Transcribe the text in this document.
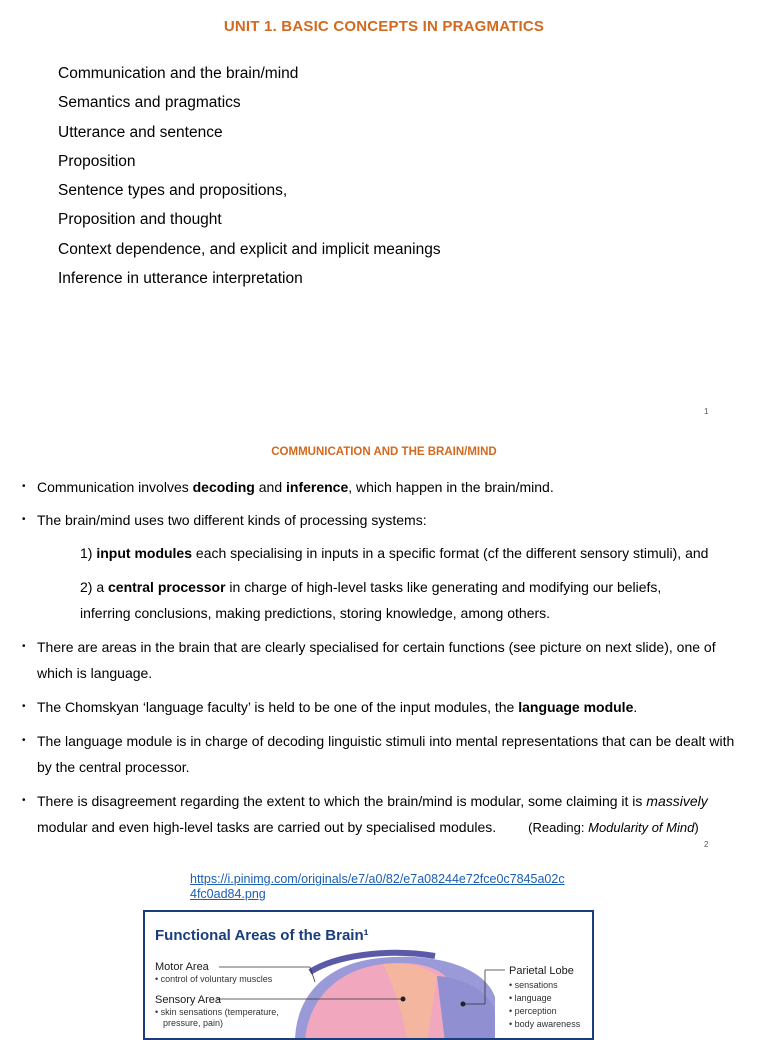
UNIT 1. BASIC CONCEPTS IN PRAGMATICS
Communication and the brain/mind
Semantics and pragmatics
Utterance and sentence
Proposition
Sentence types and propositions,
Proposition and thought
Context dependence, and explicit and implicit meanings
Inference in utterance interpretation
1
COMMUNICATION AND THE BRAIN/MIND
• Communication involves decoding and inference, which happen in the brain/mind.
• The brain/mind uses two different kinds of processing systems:
1) input modules each specialising in inputs in a specific format (cf the different sensory stimuli), and
2) a central processor in charge of high-level tasks like generating and modifying our beliefs,
inferring conclusions, making predictions, storing knowledge, among others.
• There are areas in the brain that are clearly specialised for certain functions (see picture on next slide), one of which is language.
• The Chomskyan ‘language faculty’ is held to be one of the input modules, the language module.
• The language module is in charge of decoding linguistic stimuli into mental representations that can be dealt with by the central processor.
• There is disagreement regarding the extent to which the brain/mind is modular, some claiming it is massively
modular and even high-level tasks are carried out by specialised modules. (Reading: Modularity of Mind)
2
https://i.pinimg.com/originals/e7/a0/82/e7a08244e72fce0c7845a02c4fc0ad84.png
Functional Areas of the Brain¹
Motor Area
• control of voluntary muscles
Sensory Area
• skin sensations (temperature,
pressure, pain)
Parietal Lobe
• sensations
• language
• perception
• body awareness
